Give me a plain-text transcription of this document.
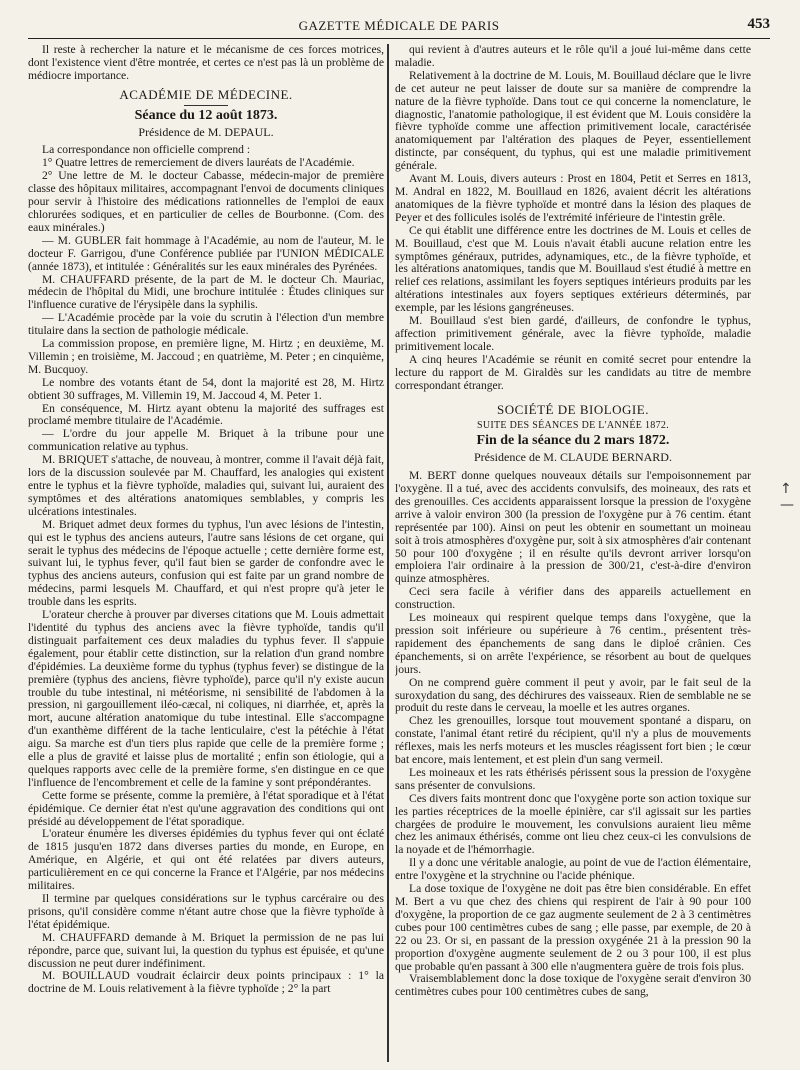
GAZETTE MÉDICALE DE PARIS	453

Il reste à rechercher la nature et le mécanisme de ces forces motrices, dont l'existence vient d'être montrée, et certes ce n'est pas là un problème de médiocre importance.

ACADÉMIE DE MÉDECINE.
Séance du 12 août 1873.
Présidence de M. DEPAUL.

La correspondance non officielle comprend :

1° Quatre lettres de remerciement de divers lauréats de l'Académie.

2° Une lettre de M. le docteur Cabasse, médecin-major de première classe des hôpitaux militaires, accompagnant l'envoi de documents cliniques pour servir à l'histoire des médications rationnelles de l'emploi de eaux chlorurées sodiques, et en particulier de celles de Bourbonne. (Com. des eaux minérales.)

— M. GUBLER fait hommage à l'Académie, au nom de l'auteur, M. le docteur F. Garrigou, d'une Conférence publiée par l'UNION MÉDICALE (année 1873), et intitulée : Généralités sur les eaux minérales des Pyrénées.

M. CHAUFFARD présente, de la part de M. le docteur Ch. Mauriac, médecin de l'hôpital du Midi, une brochure intitulée : Études cliniques sur l'influence curative de l'érysipèle dans la syphilis.

— L'Académie procède par la voie du scrutin à l'élection d'un membre titulaire dans la section de pathologie médicale.

La commission propose, en première ligne, M. Hirtz ; en deuxième, M. Villemin ; en troisième, M. Jaccoud ; en quatrième, M. Peter ; en cinquième, M. Bucquoy.

Le nombre des votants étant de 54, dont la majorité est 28, M. Hirtz obtient 30 suffrages, M. Villemin 19, M. Jaccoud 4, M. Peter 1.

En conséquence, M. Hirtz ayant obtenu la majorité des suffrages est proclamé membre titulaire de l'Académie.

— L'ordre du jour appelle M. Briquet à la tribune pour une communication relative au typhus.

M. BRIQUET s'attache, de nouveau, à montrer, comme il l'avait déjà fait, lors de la discussion soulevée par M. Chauffard, les analogies qui existent entre le typhus et la fièvre typhoïde, maladies qui, suivant lui, auraient des symptômes et des altérations anatomiques semblables, y compris les ulcérations intestinales.

M. Briquet admet deux formes du typhus, l'un avec lésions de l'intestin, qui est le typhus des anciens auteurs, l'autre sans lésions de cet organe, qui serait le typhus des médecins de l'époque actuelle ; cette dernière forme est, suivant lui, le typhus fever, qu'il faut bien se garder de confondre avec le typhus des anciens auteurs, confusion qui est faite par un grand nombre de médecins, parmi lesquels M. Chauffard, et qui n'est propre qu'à jeter le trouble dans les esprits.

L'orateur cherche à prouver par diverses citations que M. Louis admettait l'identité du typhus des anciens avec la fièvre typhoïde, tandis qu'il distinguait parfaitement ces deux maladies du typhus fever. Il s'appuie également, pour établir cette distinction, sur la relation d'un grand nombre d'épidémies. La deuxième forme du typhus (typhus fever) se distingue de la première (typhus des anciens, fièvre typhoïde), parce qu'il n'y existe aucun trouble du tube intestinal, ni météorisme, ni sensibilité de l'abdomen à la pression, ni gargouillement iléo-cæcal, ni coliques, ni diarrhée, et, après la mort, aucune altération anatomique du tube intestinal. Elle s'accompagne d'un exanthème différent de la tache lenticulaire, c'est la pétéchie à l'état aigu. Sa marche est d'un tiers plus rapide que celle de la première forme ; elle a plus de gravité et laisse plus de mortalité ; enfin son étiologie, qui a quelques rapports avec celle de la première forme, s'en distingue en ce que l'influence de l'encombrement et celle de la famine y sont prépondérantes.

Cette forme se présente, comme la première, à l'état sporadique et à l'état épidémique. Ce dernier état n'est qu'une aggravation des conditions qui ont présidé au développement de l'état sporadique.

L'orateur énumère les diverses épidémies du typhus fever qui ont éclaté de 1815 jusqu'en 1872 dans diverses parties du monde, en Europe, en Amérique, en Algérie, et qui ont été relatées par divers auteurs, particulièrement en ce qui concerne la France et l'Algérie, par nos médecins militaires.

Il termine par quelques considérations sur le typhus carcéraire ou des prisons, qu'il considère comme n'étant autre chose que la fièvre typhoïde à l'état épidémique.

M. CHAUFFARD demande à M. Briquet la permission de ne pas lui répondre, parce que, suivant lui, la question du typhus est épuisée, et qu'une discussion ne peut durer indéfiniment.

M. BOUILLAUD voudrait éclaircir deux points principaux : 1° la doctrine de M. Louis relativement à la fièvre typhoïde ; 2° la part

qui revient à d'autres auteurs et le rôle qu'il a joué lui-même dans cette maladie.

Relativement à la doctrine de M. Louis, M. Bouillaud déclare que le livre de cet auteur ne peut laisser de doute sur sa manière de comprendre la nature de la fièvre typhoïde. Dans tout ce qui concerne la nomenclature, le diagnostic, l'anatomie pathologique, il est évident que M. Louis considère la fièvre typhoïde comme une affection primitivement locale, caractérisée anatomiquement par l'altération des plaques de Peyer, essentiellement distincte, par conséquent, du typhus, qui est une maladie primitivement générale.

Avant M. Louis, divers auteurs : Prost en 1804, Petit et Serres en 1813, M. Andral en 1822, M. Bouillaud en 1826, avaient décrit les altérations anatomiques de la fièvre typhoïde et montré dans la lésion des plaques de Peyer et des follicules isolés de l'extrémité inférieure de l'intestin grêle.

Ce qui établit une différence entre les doctrines de M. Louis et celles de M. Bouillaud, c'est que M. Louis n'avait établi aucune relation entre les symptômes généraux, putrides, adynamiques, etc., de la fièvre typhoïde, et les altérations anatomiques, tandis que M. Bouillaud s'est étudié à mettre en relief ces relations, assimilant les foyers septiques intérieurs produits par les altérations intestinales aux foyers septiques extérieurs déterminés, par exemple, par les lésions gangréneuses.

M. Bouillaud s'est bien gardé, d'ailleurs, de confondre le typhus, affection primitivement générale, avec la fièvre typhoïde, maladie primitivement locale.

A cinq heures l'Académie se réunit en comité secret pour entendre la lecture du rapport de M. Giraldès sur les candidats au titre de membre correspondant étranger.

SOCIÉTÉ DE BIOLOGIE.
SUITE DES SÉANCES DE L'ANNÉE 1872.
Fin de la séance du 2 mars 1872.
Présidence de M. CLAUDE BERNARD.

M. BERT donne quelques nouveaux détails sur l'empoisonnement par l'oxygène. Il a tué, avec des accidents convulsifs, des moineaux, des rats et des grenouilles. Ces accidents apparaissent lorsque la pression de l'oxygène arrive à valoir environ 300 (la pression de l'oxygène pur à 76 centim. étant représentée par 100). Ainsi on peut les obtenir en soumettant un moineau soit à trois atmosphères d'oxygène pur, soit à six atmosphères d'air contenant 50 pour 100 d'oxygène ; il en résulte qu'ils devront arriver lorsqu'on emploiera l'air ordinaire à la pression de 300/21, c'est-à-dire d'environ quinze atmosphères.

Ceci sera facile à vérifier dans des appareils actuellement en construction.

Les moineaux qui respirent quelque temps dans l'oxygène, que la pression soit inférieure ou supérieure à 76 centim., présentent très-rapidement des épanchements de sang dans le diploé crânien. Ces épanchements, si on arrête l'expérience, se résorbent au bout de quelques jours.

On ne comprend guère comment il peut y avoir, par le fait seul de la suroxydation du sang, des déchirures des vaisseaux. Rien de semblable ne se produit du reste dans le cerveau, la moelle et les autres organes.

Chez les grenouilles, lorsque tout mouvement spontané a disparu, on constate, l'animal étant retiré du récipient, qu'il n'y a plus de mouvements réflexes, mais les nerfs moteurs et les muscles réagissent fort bien ; le cœur bat encore, mais lentement, et est plein d'un sang vermeil.

Les moineaux et les rats éthérisés périssent sous la pression de l'oxygène sans présenter de convulsions.

Ces divers faits montrent donc que l'oxygène porte son action toxique sur les parties réceptrices de la moelle épinière, car s'il agissait sur les parties chargées de produire le mouvement, les convulsions auraient lieu même chez les animaux éthérisés, comme ont lieu chez ceux-ci les convulsions de la noyade et de l'hémorrhagie.

Il y a donc une véritable analogie, au point de vue de l'action élémentaire, entre l'oxygène et la strychnine ou l'acide phénique.

La dose toxique de l'oxygène ne doit pas être bien considérable. En effet M. Bert a vu que chez des chiens qui respirent de l'air à 90 pour 100 d'oxygène, la proportion de ce gaz augmente seulement de 2 à 3 centimètres cubes pour 100 centimètres cubes de sang ; elle passe, par exemple, de 20 à 22 ou 23. Or si, en passant de la pression oxygénée 21 à la pression 90 la proportion d'oxygène augmente seulement de 2 ou 3 pour 100, il est plus que probable qu'en passant à 300 elle n'augmentera guère de trois fois plus.

Vraisemblablement donc la dose toxique de l'oxygène serait d'environ 30 centimètres cubes pour 100 centimètres cubes de sang,

↑—
